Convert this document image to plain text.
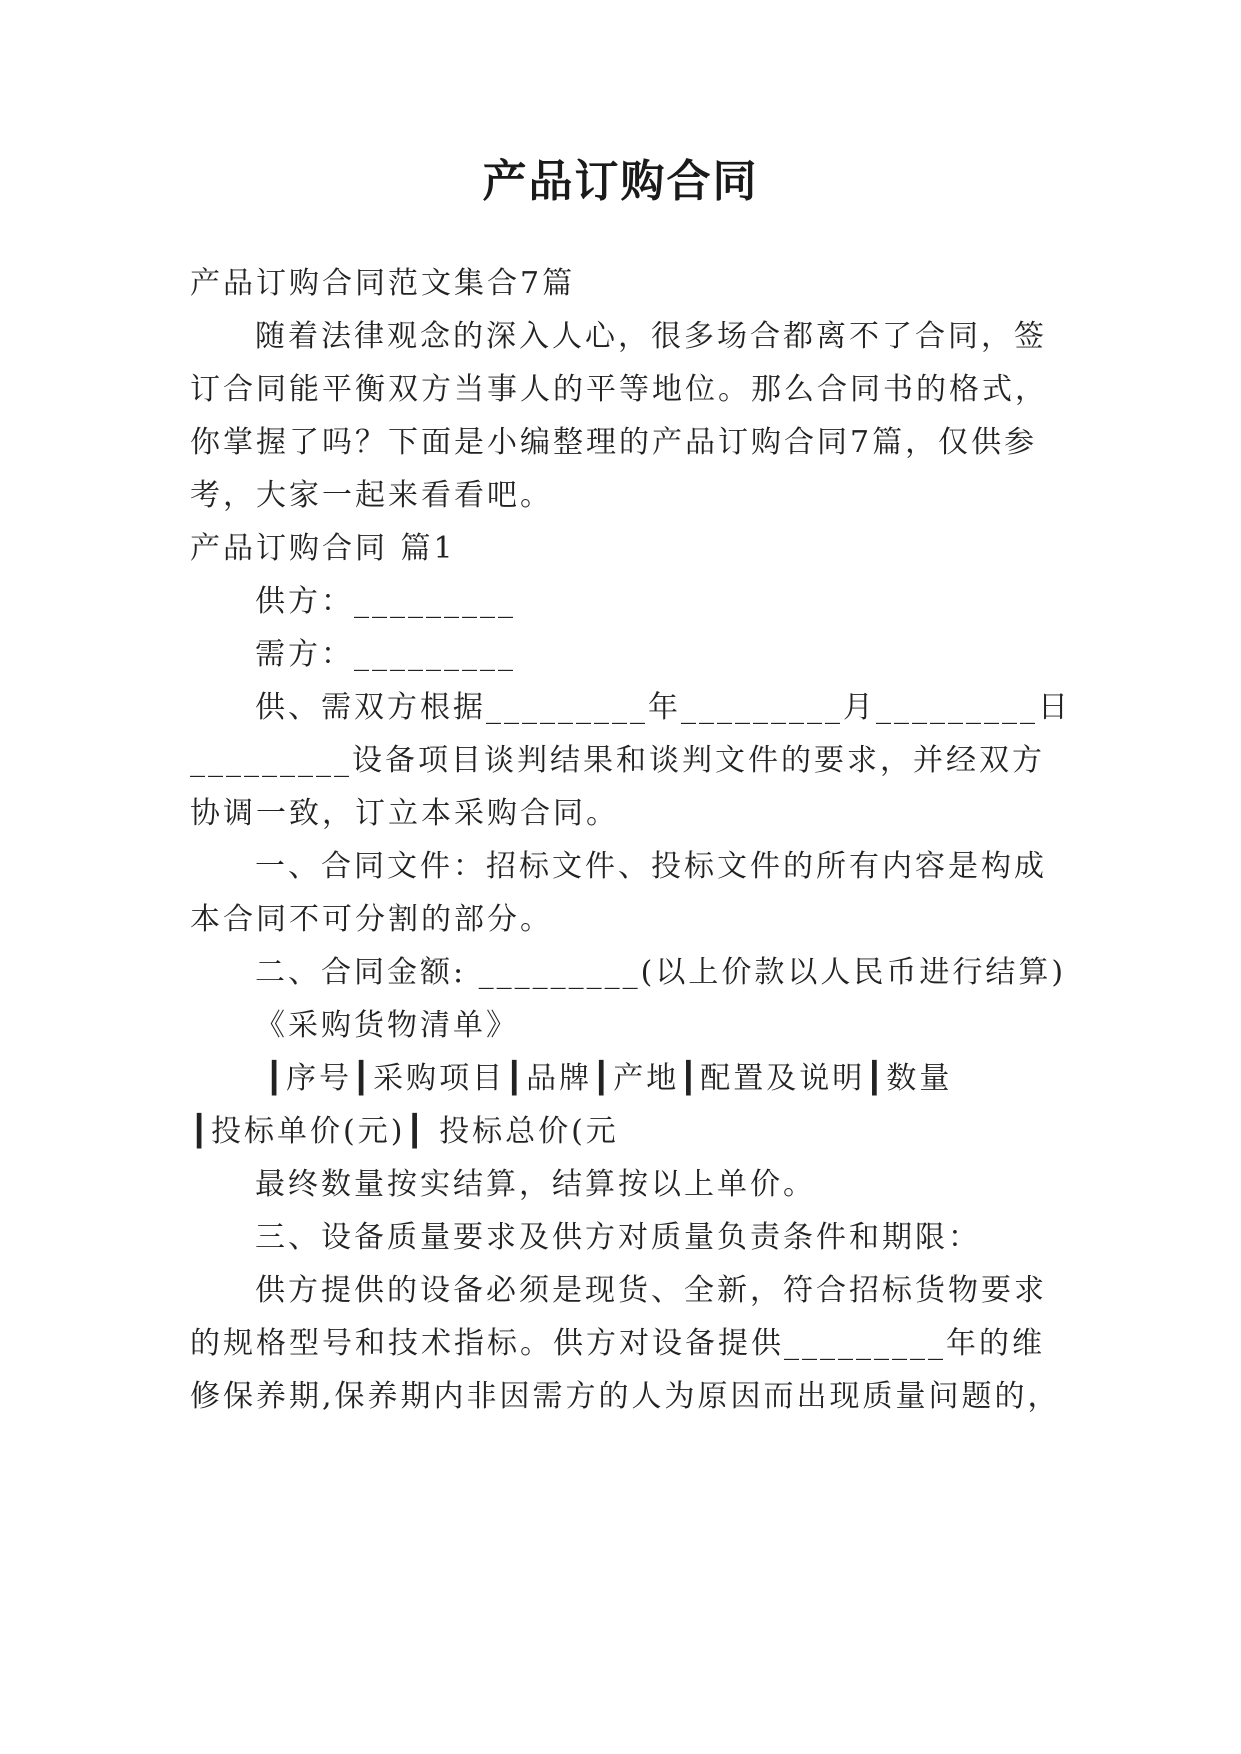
产品订购合同
产品订购合同范文集合7篇
随着法律观念的深入人心，很多场合都离不了合同，签
订合同能平衡双方当事人的平等地位。那么合同书的格式，
你掌握了吗？下面是小编整理的产品订购合同7篇，仅供参
考，大家一起来看看吧。
产品订购合同 篇1
供方：_________
需方：_________
供、需双方根据_________年_________月_________日
_________设备项目谈判结果和谈判文件的要求，并经双方
协调一致，订立本采购合同。
一、合同文件：招标文件、投标文件的所有内容是构成
本合同不可分割的部分。
二、合同金额: _________(以上价款以人民币进行结算)
《采购货物清单》
┃序号┃采购项目┃品牌┃产地┃配置及说明┃数量
┃投标单价(元)┃ 投标总价(元
最终数量按实结算，结算按以上单价。
三、设备质量要求及供方对质量负责条件和期限：
供方提供的设备必须是现货、全新，符合招标货物要求
的规格型号和技术指标。供方对设备提供_________年的维
修保养期,保养期内非因需方的人为原因而出现质量问题的，
